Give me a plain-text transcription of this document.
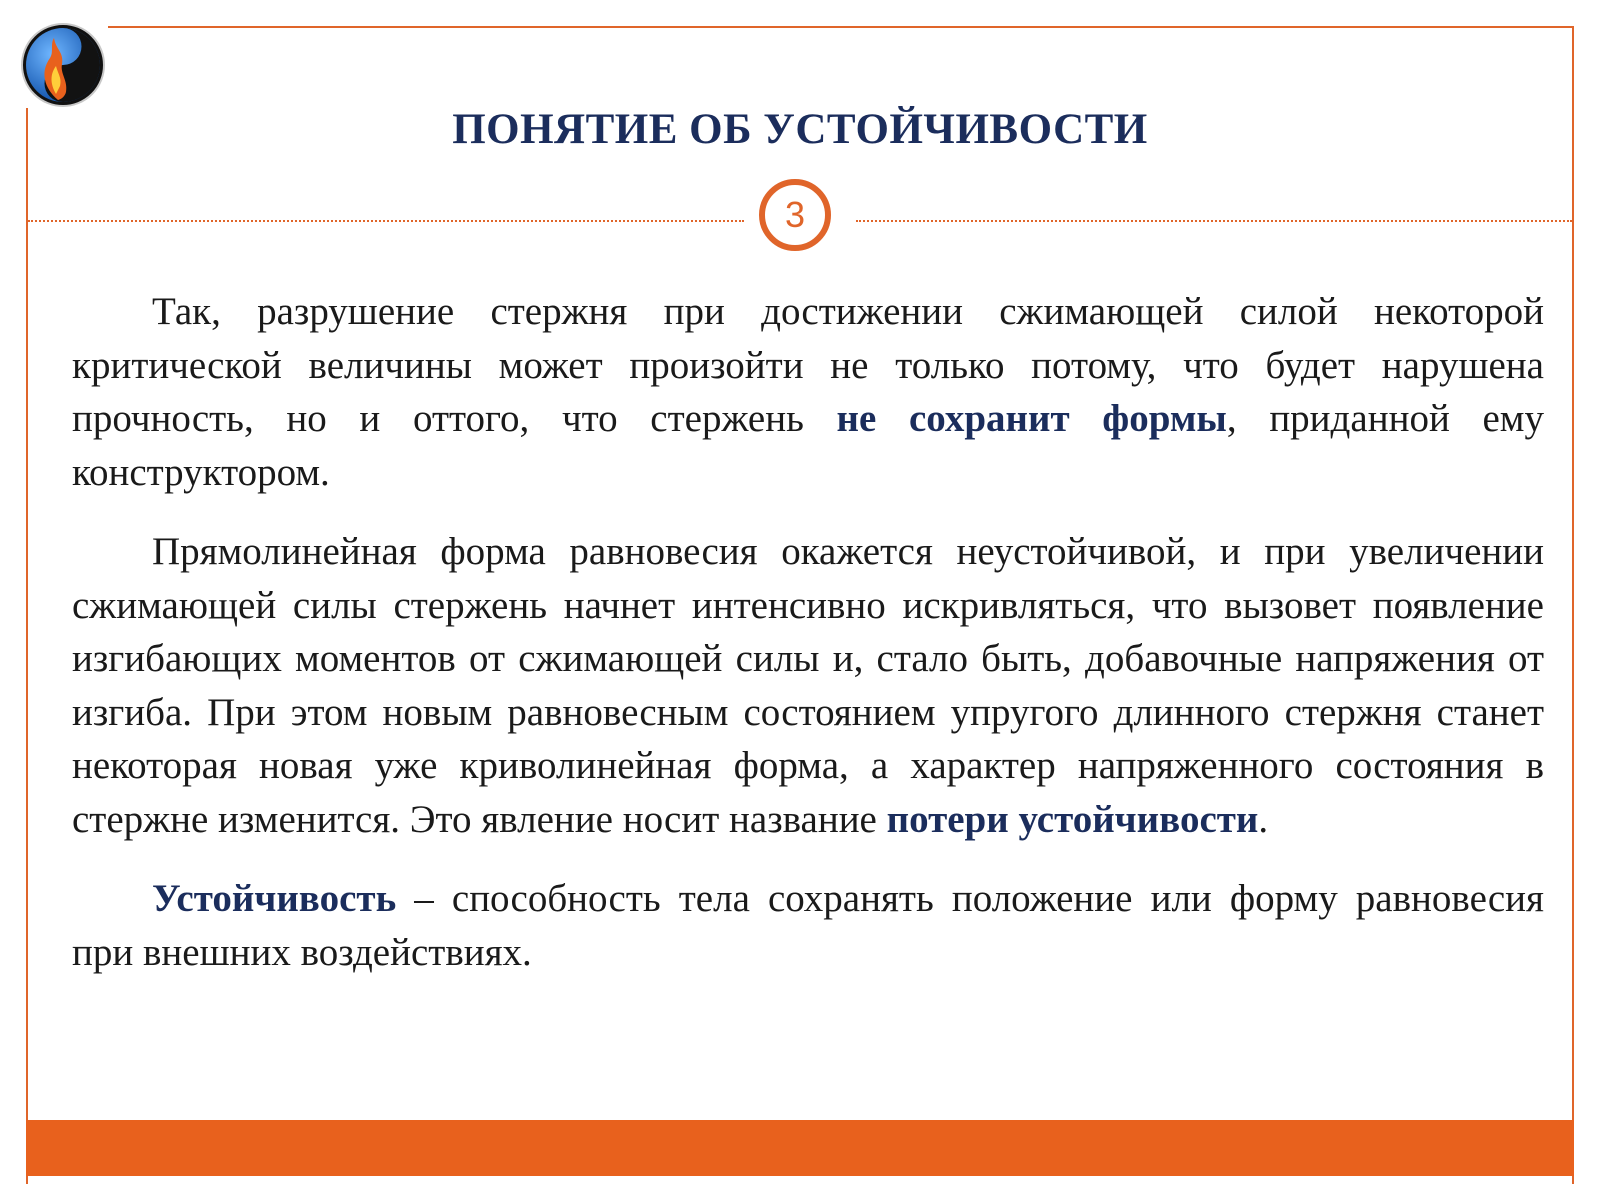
ПОНЯТИЕ ОБ УСТОЙЧИВОСТИ
3

Так, разрушение стержня при достижении сжимающей силой некоторой критической величины может произойти не только потому, что будет нарушена прочность, но и оттого, что стержень не сохранит формы, приданной ему конструктором.

Прямолинейная форма равновесия окажется неустойчивой, и при увеличении сжимающей силы стержень начнет интенсивно искривляться, что вызовет появление изгибающих моментов от сжимающей силы и, стало быть, добавочные напряжения от изгиба. При этом новым равновесным состоянием упругого длинного стержня станет некоторая новая уже криволинейная форма, а характер напряженного состояния в стержне изменится. Это явление носит название потери устойчивости.

Устойчивость – способность тела сохранять положение или форму равновесия при внешних воздействиях.
